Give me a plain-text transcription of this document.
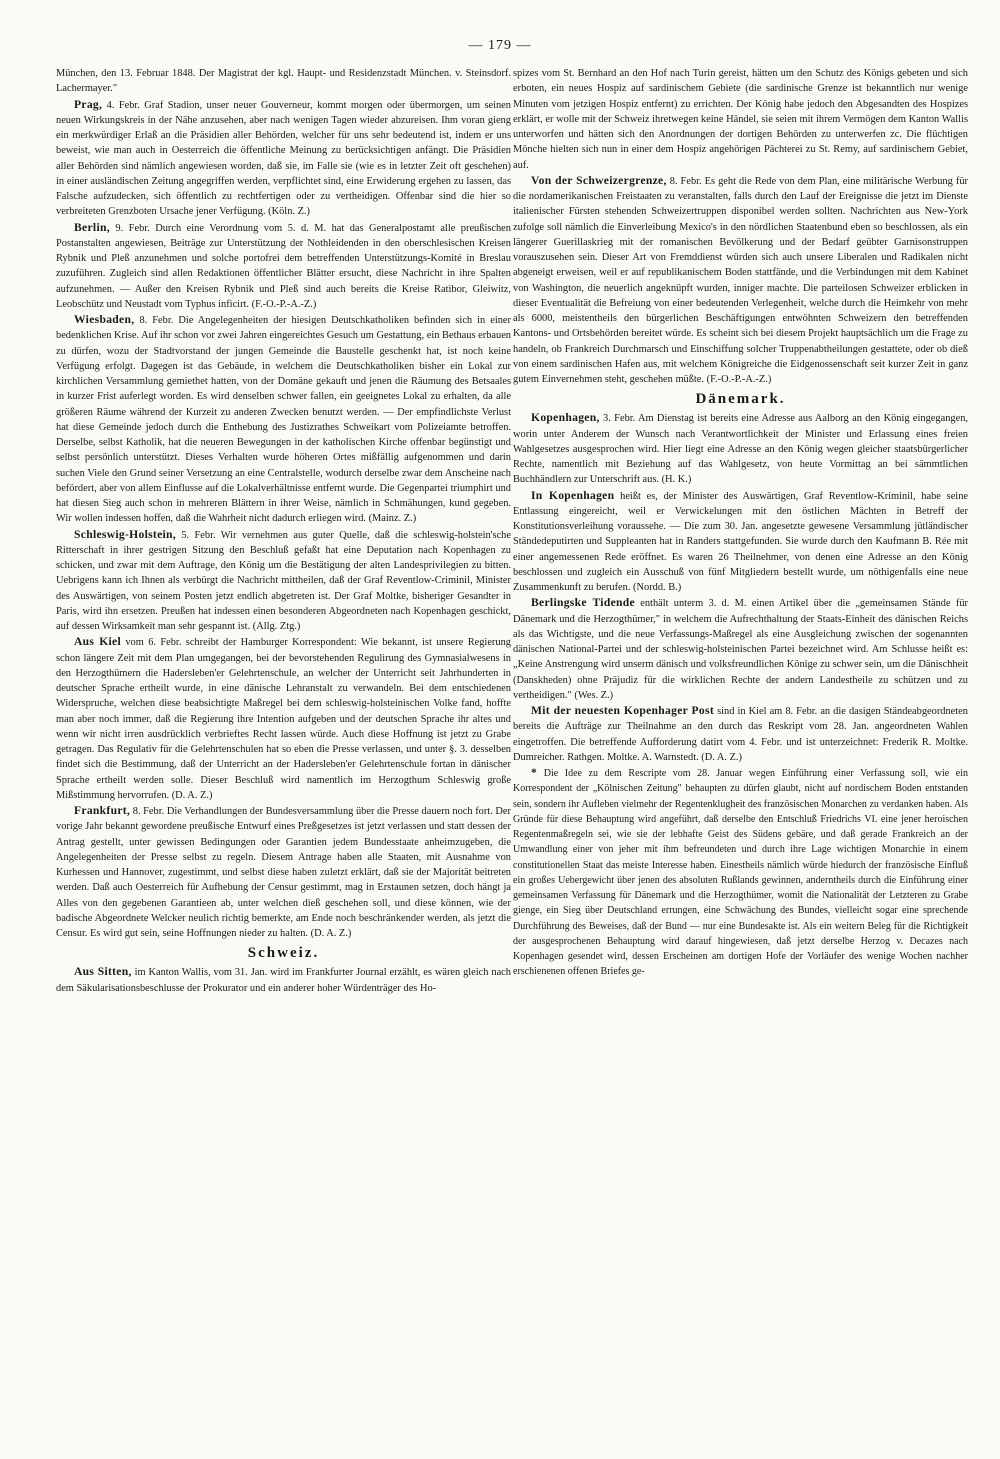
— 179 —

München, den 13. Februar 1848. Der Magistrat der kgl. Haupt- und Residenzstadt München. v. Steinsdorf. Lachermayer."

Prag, 4. Febr. Graf Stadion, unser neuer Gouverneur, kommt morgen oder übermorgen, um seinen neuen Wirkungskreis in der Nähe anzusehen, aber nach wenigen Tagen wieder abzureisen. Ihm voran gieng ein merkwürdiger Erlaß an die Präsidien aller Behörden, welcher für uns sehr bedeutend ist, indem er uns beweist, wie man auch in Oesterreich die öffentliche Meinung zu berücksichtigen anfängt. Die Präsidien aller Behörden sind nämlich angewiesen worden, daß sie, im Falle sie (wie es in letzter Zeit oft geschehen) in einer ausländischen Zeitung angegriffen werden, verpflichtet sind, eine Erwiderung ergehen zu lassen, das Falsche aufzudecken, sich öffentlich zu rechtfertigen oder zu vertheidigen. Offenbar sind die hier so verbreiteten Grenzboten Ursache jener Verfügung. (Köln. Z.)

Berlin, 9. Febr. Durch eine Verordnung vom 5. d. M. hat das Generalpostamt alle preußischen Postanstalten angewiesen, Beiträge zur Unterstützung der Nothleidenden in den oberschlesischen Kreisen Rybnik und Pleß anzunehmen und solche portofrei dem betreffenden Unterstützungs-Komité in Breslau zuzuführen. Zugleich sind allen Redaktionen öffentlicher Blätter ersucht, diese Nachricht in ihre Spalten aufzunehmen. — Außer den Kreisen Rybnik und Pleß sind auch bereits die Kreise Ratibor, Gleiwitz, Leobschütz und Neustadt vom Typhus inficirt. (F.-O.-P.-A.-Z.)

Wiesbaden, 8. Febr. Die Angelegenheiten der hiesigen Deutschkatholiken befinden sich in einer bedenklichen Krise. Auf ihr schon vor zwei Jahren eingereichtes Gesuch um Gestattung, ein Bethaus erbauen zu dürfen, wozu der Stadtvorstand der jungen Gemeinde die Baustelle geschenkt hat, ist noch keine Verfügung erfolgt. Dagegen ist das Gebäude, in welchem die Deutschkatholiken bisher ein Lokal zur kirchlichen Versammlung gemiethet hatten, von der Domäne gekauft und jenen die Räumung des Betsaales in kurzer Frist auferlegt worden. Es wird denselben schwer fallen, ein geeignetes Lokal zu erhalten, da alle größeren Räume während der Kurzeit zu anderen Zwecken benutzt werden. — Der empfindlichste Verlust hat diese Gemeinde jedoch durch die Enthebung des Justizrathes Schweikart vom Polizeiamte betroffen. Derselbe, selbst Katholik, hat die neueren Bewegungen in der katholischen Kirche offenbar begünstigt und selbst persönlich unterstützt. Dieses Verhalten wurde höheren Ortes mißfällig aufgenommen und darin suchen Viele den Grund seiner Versetzung an eine Centralstelle, wodurch derselbe zwar dem Anscheine nach befördert, aber von allem Einflusse auf die Lokalverhältnisse entfernt wurde. Die Gegenpartei triumphirt und hat diesen Sieg auch schon in mehreren Blättern in ihrer Weise, nämlich in Schmähungen, kund gegeben. Wir wollen indessen hoffen, daß die Wahrheit nicht dadurch erliegen wird. (Mainz. Z.)

Schleswig-Holstein, 5. Febr. Wir vernehmen aus guter Quelle, daß die schleswig-holstein'sche Ritterschaft in ihrer gestrigen Sitzung den Beschluß gefaßt hat eine Deputation nach Kopenhagen zu schicken, und zwar mit dem Auftrage, den König um die Bestätigung der alten Landesprivilegien zu bitten. Uebrigens kann ich Ihnen als verbürgt die Nachricht mittheilen, daß der Graf Reventlow-Criminil, Minister des Auswärtigen, von seinem Posten jetzt endlich abgetreten ist. Der Graf Moltke, bisheriger Gesandter in Paris, wird ihn ersetzen. Preußen hat indessen einen besonderen Abgeordneten nach Kopenhagen geschickt, auf dessen Wirksamkeit man sehr gespannt ist. (Allg. Ztg.)

Aus Kiel vom 6. Febr. schreibt der Hamburger Korrespondent: Wie bekannt, ist unsere Regierung schon längere Zeit mit dem Plan umgegangen, bei der bevorstehenden Regulirung des Gymnasialwesens in den Herzogthümern die Hadersleben'er Gelehrtenschule, an welcher der Unterricht seit Jahrhunderten in deutscher Sprache ertheilt wurde, in eine dänische Lehranstalt zu verwandeln. Bei dem entschiedenen Widerspruche, welchen diese beabsichtigte Maßregel bei dem schleswig-holsteinischen Volke fand, hoffte man aber noch immer, daß die Regierung ihre Intention aufgeben und der deutschen Sprache ihr altes und wenn wir nicht irren ausdrücklich verbrieftes Recht lassen würde. Auch diese Hoffnung ist jetzt zu Grabe getragen. Das Regulativ für die Gelehrtenschulen hat so eben die Presse verlassen, und unter §. 3. desselben findet sich die Bestimmung, daß der Unterricht an der Hadersleben'er Gelehrtenschule fortan in dänischer Sprache ertheilt werden solle. Dieser Beschluß wird namentlich im Herzogthum Schleswig große Mißstimmung hervorrufen. (D. A. Z.)

Frankfurt, 8. Febr. Die Verhandlungen der Bundesversammlung über die Presse dauern noch fort. Der vorige Jahr bekannt gewordene preußische Entwurf eines Preßgesetzes ist jetzt verlassen und statt dessen der Antrag gestellt, unter gewissen Bedingungen oder Garantien jedem Bundesstaate anheimzugeben, die Angelegenheiten der Presse selbst zu regeln. Diesem Antrage haben alle Staaten, mit Ausnahme von Kurhessen und Hannover, zugestimmt, und selbst diese haben zuletzt erklärt, daß sie der Majorität beitreten werden. Daß auch Oesterreich für Aufhebung der Censur gestimmt, mag in Erstaunen setzen, doch hängt ja Alles von den gegebenen Garantieen ab, unter welchen dieß geschehen soll, und diese können, wie der badische Abgeordnete Welcker neulich richtig bemerkte, am Ende noch beschränkender werden, als jetzt die Censur. Es wird gut sein, seine Hoffnungen nieder zu halten. (D. A. Z.)

Schweiz.

Aus Sitten, im Kanton Wallis, vom 31. Jan. wird im Frankfurter Journal erzählt, es wären gleich nach dem Säkularisationsbeschlusse der Prokurator und ein anderer hoher Würdenträger des Ho-

spizes vom St. Bernhard an den Hof nach Turin gereist, hätten um den Schutz des Königs gebeten und sich erboten, ein neues Hospiz auf sardinischem Gebiete (die sardinische Grenze ist bekanntlich nur wenige Minuten vom jetzigen Hospiz entfernt) zu errichten. Der König habe jedoch den Abgesandten des Hospizes erklärt, er wolle mit der Schweiz ihretwegen keine Händel, sie seien mit ihrem Vermögen dem Kanton Wallis unterworfen und hätten sich den Anordnungen der dortigen Behörden zu unterwerfen zc. Die flüchtigen Mönche hielten sich nun in einer dem Hospiz angehörigen Pächterei zu St. Remy, auf sardinischem Gebiet, auf.

Von der Schweizergrenze, 8. Febr. Es geht die Rede von dem Plan, eine militärische Werbung für die nordamerikanischen Freistaaten zu veranstalten, falls durch den Lauf der Ereignisse die jetzt im Dienste italienischer Fürsten stehenden Schweizertruppen disponibel werden sollten. Nachrichten aus New-York zufolge soll nämlich die Einverleibung Mexico's in den nördlichen Staatenbund eben so beschlossen, als ein längerer Guerillaskrieg mit der romanischen Bevölkerung und der Bedarf geübter Garnisonstruppen vorauszusehen sein. Dieser Art von Fremddienst würden sich auch unsere Liberalen und Radikalen nicht abgeneigt erweisen, weil er auf republikanischem Boden stattfände, und die Verbindungen mit dem Kabinet von Washington, die neuerlich angeknüpft wurden, inniger machte. Die parteilosen Schweizer erblicken in dieser Eventualität die Befreiung von einer bedeutenden Verlegenheit, welche durch die Heimkehr von mehr als 6000, meistentheils den bürgerlichen Beschäftigungen entwöhnten Schweizern den betreffenden Kantons- und Ortsbehörden bereitet würde. Es scheint sich bei diesem Projekt hauptsächlich um die Frage zu handeln, ob Frankreich Durchmarsch und Einschiffung solcher Truppenabtheilungen gestattete, oder ob dieß von einem sardinischen Hafen aus, mit welchem Königreiche die Eidgenossenschaft seit kurzer Zeit in ganz gutem Einvernehmen steht, geschehen müßte. (F.-O.-P.-A.-Z.)

Dänemark.

Kopenhagen, 3. Febr. Am Dienstag ist bereits eine Adresse aus Aalborg an den König eingegangen, worin unter Anderem der Wunsch nach Verantwortlichkeit der Minister und Erlassung eines freien Wahlgesetzes ausgesprochen wird. Hier liegt eine Adresse an den König wegen gleicher staatsbürgerlicher Rechte, namentlich mit Beziehung auf das Wahlgesetz, von heute Vormittag an bei sämmtlichen Buchhändlern zur Unterschrift aus. (H. K.)

In Kopenhagen heißt es, der Minister des Auswärtigen, Graf Reventlow-Kriminil, habe seine Entlassung eingereicht, weil er Verwickelungen mit den östlichen Mächten in Betreff der Konstitutionsverleihung voraussehe. — Die zum 30. Jan. angesetzte gewesene Versammlung jütländischer Ständedeputirten und Suppleanten hat in Randers stattgefunden. Sie wurde durch den Kaufmann B. Rée mit einer angemessenen Rede eröffnet. Es waren 26 Theilnehmer, von denen eine Adresse an den König beschlossen und zugleich ein Ausschuß von fünf Mitgliedern bestellt wurde, um nöthigenfalls eine neue Zusammenkunft zu berufen. (Nordd. B.)

Berlingske Tidende enthält unterm 3. d. M. einen Artikel über die „gemeinsamen Stände für Dänemark und die Herzogthümer," in welchem die Aufrechthaltung der Staats-Einheit des dänischen Reichs als das Wichtigste, und die neue Verfassungs-Maßregel als eine Ausgleichung zwischen der sogenannten dänischen National-Partei und der schleswig-holsteinischen Partei bezeichnet wird. Am Schlusse heißt es: „Keine Anstrengung wird unserm dänisch und volksfreundlichen Könige zu schwer sein, um die Dänischheit (Danskheden) ohne Präjudiz für die wirklichen Rechte der andern Landestheile zu schützen und zu vertheidigen." (Wes. Z.)

Mit der neuesten Kopenhager Post sind in Kiel am 8. Febr. an die dasigen Ständeabgeordneten bereits die Aufträge zur Theilnahme an den durch das Reskript vom 28. Jan. angeordneten Wahlen eingetroffen. Die betreffende Aufforderung datirt vom 4. Febr. und ist unterzeichnet: Frederik R. Moltke. Dumreicher. Rathgen. Moltke. A. Warnstedt. (D. A. Z.)

* Die Idee zu dem Rescripte vom 28. Januar wegen Einführung einer Verfassung soll, wie ein Korrespondent der „Kölnischen Zeitung" behaupten zu dürfen glaubt, nicht auf nordischem Boden entstanden sein, sondern ihr Aufleben vielmehr der Regentenklugheit des französischen Monarchen zu verdanken haben. Als Gründe für diese Behauptung wird angeführt, daß derselbe den Entschluß Friedrichs VI. eine jener heroischen Regentenmaßregeln sei, wie sie der lebhafte Geist des Südens gebäre, und daß gerade Frankreich an der Umwandlung einer von jeher mit ihm befreundeten und durch ihre Lage wichtigen Monarchie in einem constitutionellen Staat das meiste Interesse haben. Einestheils nämlich würde hiedurch der französische Einfluß ein großes Uebergewicht über jenen des absoluten Rußlands gewinnen, anderntheils durch die Einführung einer gemeinsamen Verfassung für Dänemark und die Herzogthümer, womit die Nationalität der Letzteren zu Grabe gienge, ein Sieg über Deutschland errungen, eine Schwächung des Bundes, vielleicht sogar eine sprechende Durchführung des Beweises, daß der Bund — nur eine Bundesakte ist. Als ein weitern Beleg für die Richtigkeit der ausgesprochenen Behauptung wird darauf hingewiesen, daß jetzt derselbe Herzog v. Decazes nach Kopenhagen gesendet wird, dessen Erscheinen am dortigen Hofe der Vorläufer des wenige Wochen nachher erschienenen offenen Briefes ge-
